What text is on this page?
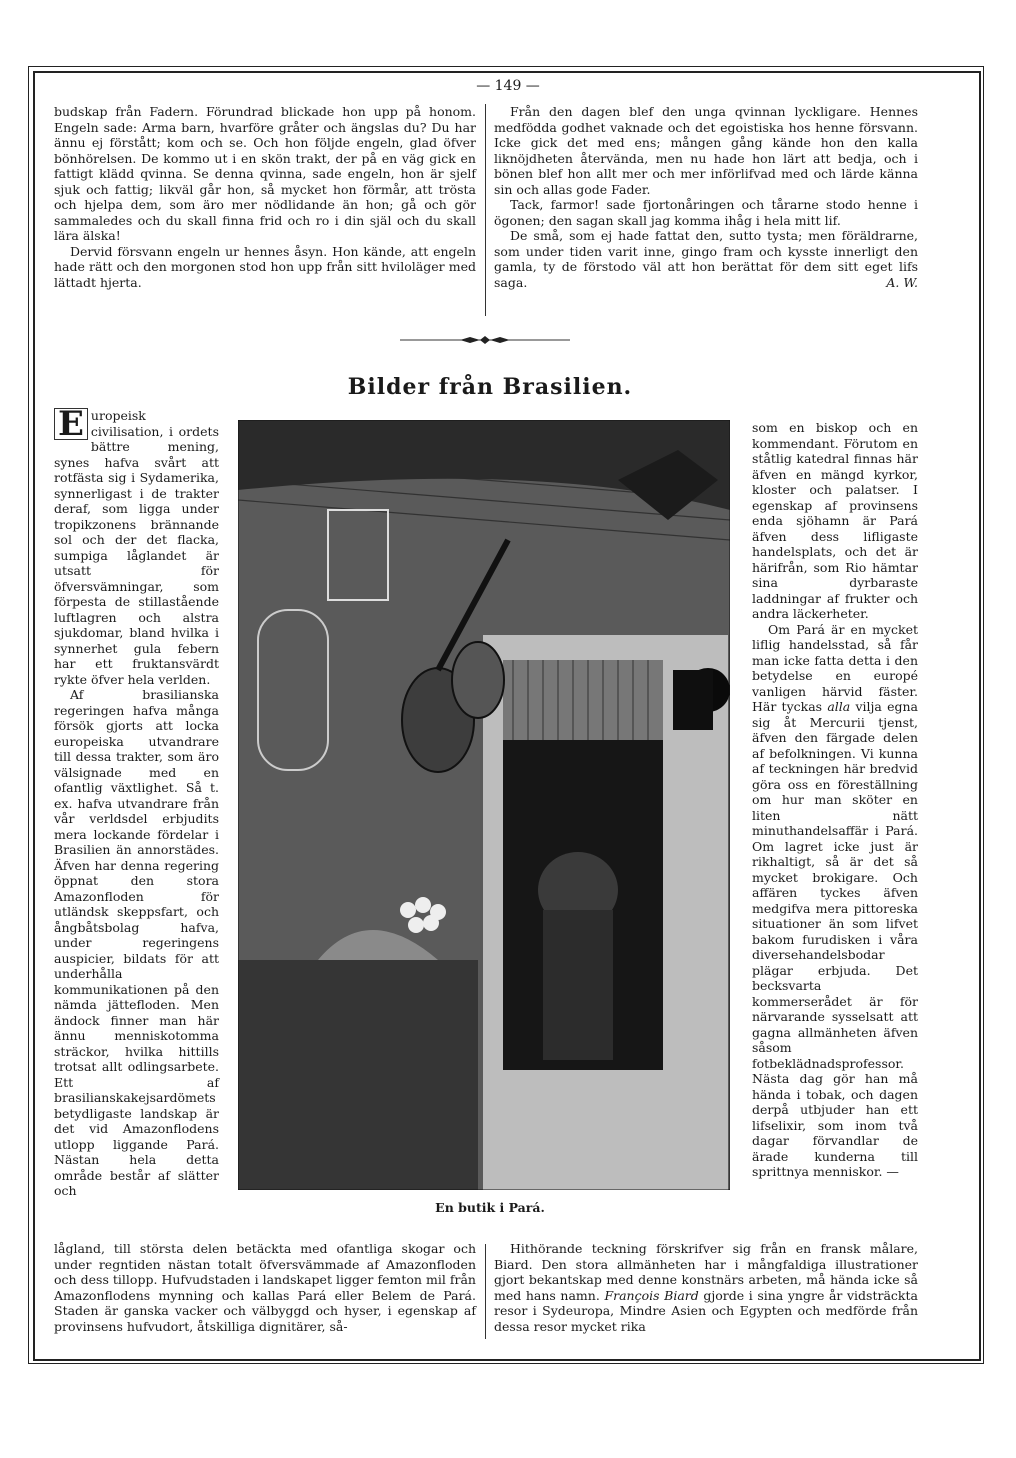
— 149 —

budskap från Fadern. Förundrad blickade hon upp på honom. Engeln sade: Arma barn, hvarföre gråter och ängslas du? Du har ännu ej förstått; kom och se. Och hon följde engeln, glad öfver bönhörelsen. De kommo ut i en skön trakt, der på en väg gick en fattigt klädd qvinna. Se denna qvinna, sade engeln, hon är sjelf sjuk och fattig; likväl går hon, så mycket hon förmår, att trösta och hjelpa dem, som äro mer nödlidande än hon; gå och gör sammaledes och du skall finna frid och ro i din själ och du skall lära älska!

Dervid försvann engeln ur hennes åsyn. Hon kände, att engeln hade rätt och den morgonen stod hon upp från sitt hviloläger med lättadt hjerta.

Från den dagen blef den unga qvinnan lyckligare. Hennes medfödda godhet vaknade och det egoistiska hos henne försvann. Icke gick det med ens; mången gång kände hon den kalla liknöjdheten återvända, men nu hade hon lärt att bedja, och i bönen blef hon allt mer och mer införlifvad med och lärde känna sin och allas gode Fader.

Tack, farmor! sade fjortonåringen och tårarne stodo henne i ögonen; den sagan skall jag komma ihåg i hela mitt lif.

De små, som ej hade fattat den, sutto tysta; men föräldrarne, som under tiden varit inne, gingo fram och kysste innerligt den gamla, ty de förstodo väl att hon berättat för dem sitt eget lifs saga.	A. W.

Bilder från Brasilien.

E uropeisk civilisation, i ordets bättre mening, synes hafva svårt att rotfästa sig i Sydamerika, synnerligast i de trakter deraf, som ligga under tropikzonens brännande sol och der det flacka, sumpiga låglandet är utsatt för öfversvämningar, som förpesta de stillastående luftlagren och alstra sjukdomar, bland hvilka i synnerhet gula febern har ett fruktansvärdt rykte öfver hela verlden.

Af brasilianska regeringen hafva många försök gjorts att locka europeiska utvandrare till dessa trakter, som äro välsignade med en ofantlig växtlighet. Så t. ex. hafva utvandrare från vår verldsdel erbjudits mera lockande fördelar i Brasilien än annorstädes. Äfven har denna regering öppnat den stora Amazonfloden för utländsk skeppsfart, och ångbåtsbolag hafva, under regeringens auspicier, bildats för att underhålla kommunikationen på den nämda jättefloden. Men ändock finner man här ännu menniskotomma sträckor, hvilka hittills trotsat allt odlingsarbete. Ett af brasilianskakejsardömets betydligaste landskap är det vid Amazonflodens utlopp liggande Pará. Nästan hela detta område består af slätter och

En butik i Pará.

som en biskop och en kommendant. Förutom en ståtlig katedral finnas här äfven en mängd kyrkor, kloster och palatser. I egenskap af provinsens enda sjöhamn är Pará äfven dess lifligaste handelsplats, och det är härifrån, som Rio hämtar sina dyrbaraste laddningar af frukter och andra läckerheter.

Om Pará är en mycket liflig handelsstad, så får man icke fatta detta i den betydelse en europé vanligen härvid fäster. Här tyckas alla vilja egna sig åt Mercurii tjenst, äfven den färgade delen af befolkningen. Vi kunna af teckningen här bredvid göra oss en föreställning om hur man sköter en liten nätt minuthandelsaffär i Pará. Om lagret icke just är rikhaltigt, så är det så mycket brokigare. Och affären tyckes äfven medgifva mera pittoreska situationer än som lifvet bakom furudisken i våra diversehandelsbodar plägar erbjuda. Det becksvarta kommerserådet är för närvarande sysselsatt att gagna allmänheten äfven såsom fotbeklädnadsprofessor. Nästa dag gör han må hända i tobak, och dagen derpå utbjuder han ett lifselixir, som inom två dagar förvandlar de ärade kunderna till sprittnya menniskor. —

lågland, till största delen betäckta med ofantliga skogar och under regntiden nästan totalt öfversvämmade af Amazonfloden och dess tillopp. Hufvudstaden i landskapet ligger femton mil från Amazonflodens mynning och kallas Pará eller Belem de Pará. Staden är ganska vacker och välbyggd och hyser, i egenskap af provinsens hufvudort, åtskilliga dignitärer, så-

Hithörande teckning förskrifver sig från en fransk målare, Biard. Den stora allmänheten har i mångfaldiga illustrationer gjort bekantskap med denne konstnärs arbeten, må hända icke så med hans namn. François Biard gjorde i sina yngre år vidsträckta resor i Sydeuropa, Mindre Asien och Egypten och medförde från dessa resor mycket rika
